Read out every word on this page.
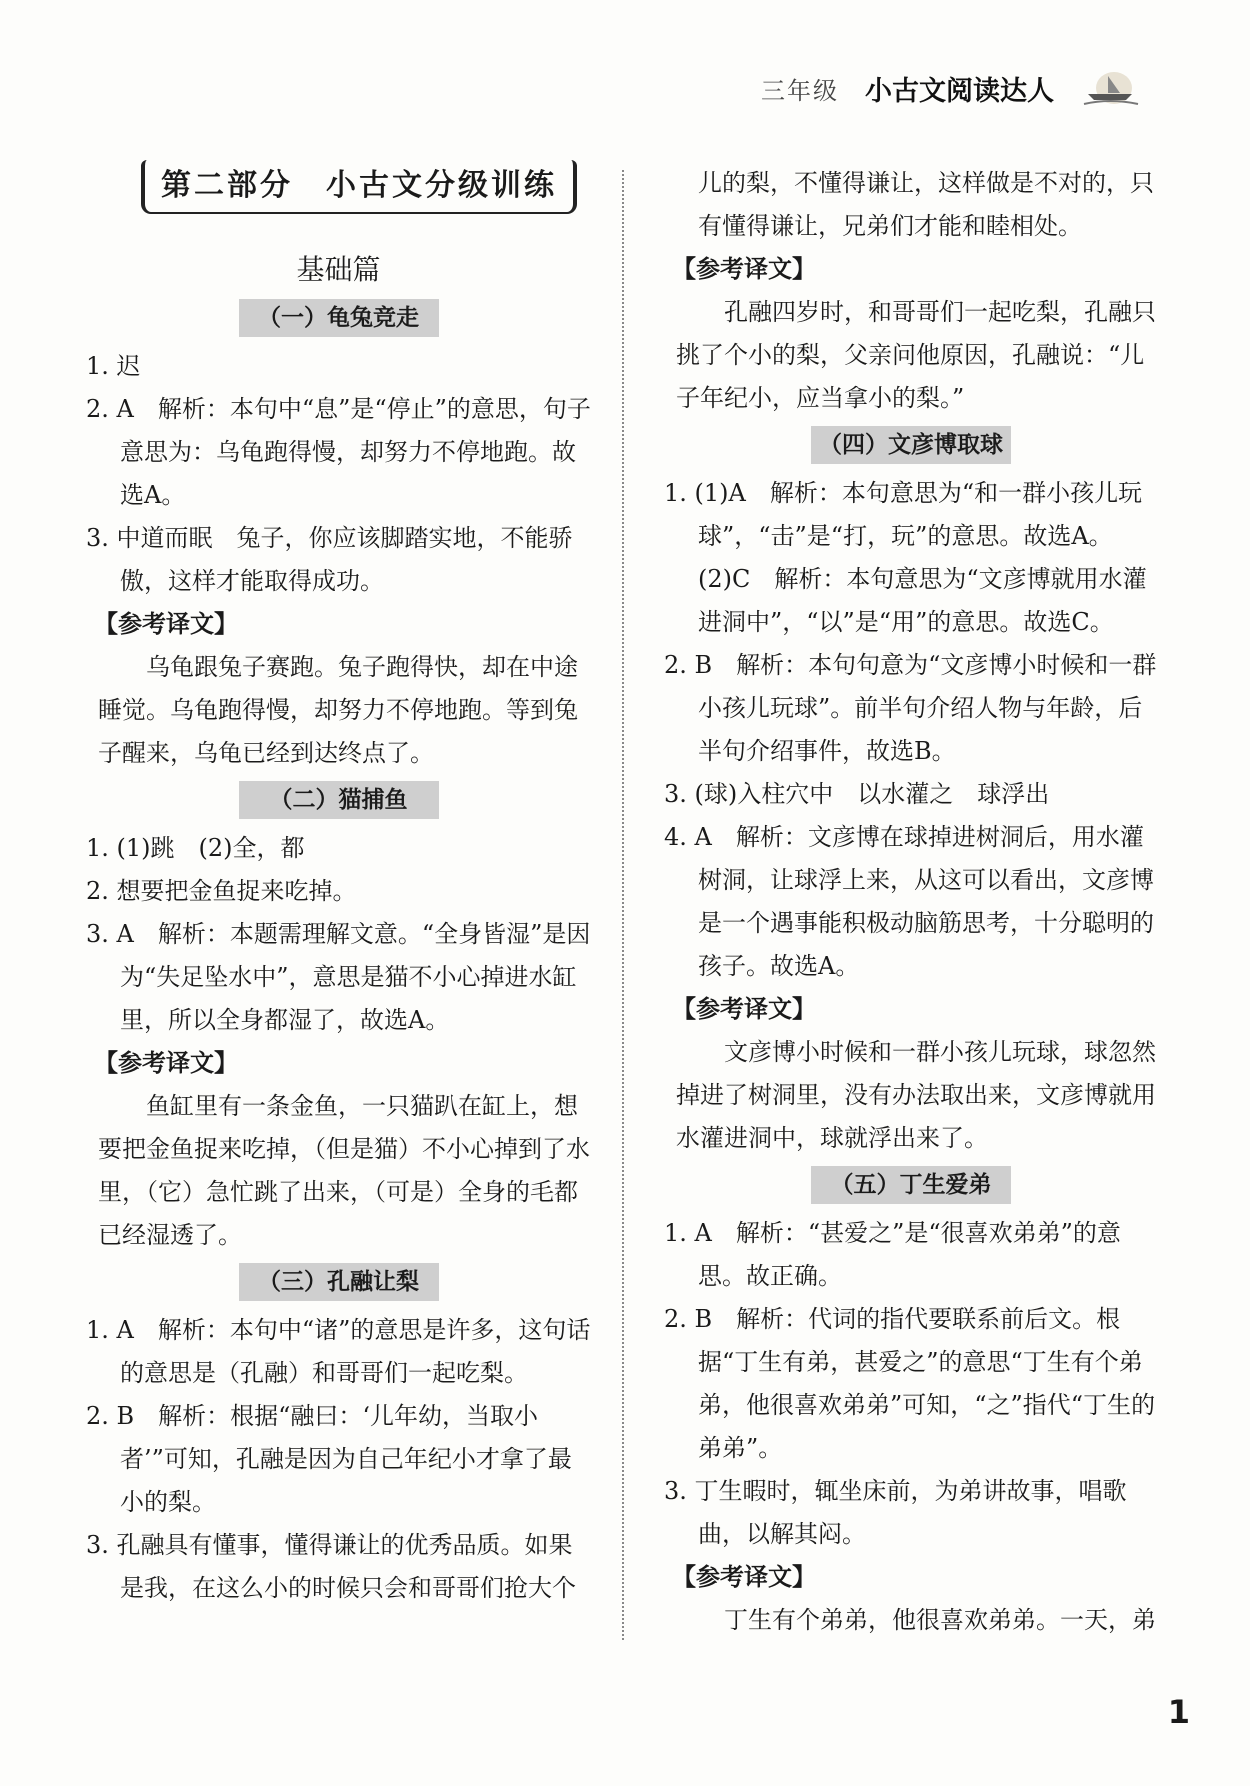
三年级 小古文阅读达人
第二部分　小古文分级训练
基础篇
（一）龟兔竞走

1. 迟

2. A　解析：本句中“息”是“停止”的意思，句子意思为：乌龟跑得慢，却努力不停地跑。故选A。

3. 中道而眠　兔子，你应该脚踏实地，不能骄傲，这样才能取得成功。

【参考译文】

乌龟跟兔子赛跑。兔子跑得快，却在中途睡觉。乌龟跑得慢，却努力不停地跑。等到兔子醒来，乌龟已经到达终点了。

（二）猫捕鱼

1. (1)跳　(2)全，都

2. 想要把金鱼捉来吃掉。

3. A　解析：本题需理解文意。“全身皆湿”是因为“失足坠水中”，意思是猫不小心掉进水缸里，所以全身都湿了，故选A。

【参考译文】

鱼缸里有一条金鱼，一只猫趴在缸上，想要把金鱼捉来吃掉，（但是猫）不小心掉到了水里，（它）急忙跳了出来，（可是）全身的毛都已经湿透了。

（三）孔融让梨

1. A　解析：本句中“诸”的意思是许多，这句话的意思是（孔融）和哥哥们一起吃梨。

2. B　解析：根据“融曰：‘儿年幼，当取小者’”可知，孔融是因为自己年纪小才拿了最小的梨。

3. 孔融具有懂事，懂得谦让的优秀品质。如果是我，在这么小的时候只会和哥哥们抢大个

儿的梨，不懂得谦让，这样做是不对的，只有懂得谦让，兄弟们才能和睦相处。

【参考译文】

孔融四岁时，和哥哥们一起吃梨，孔融只挑了个小的梨，父亲问他原因，孔融说：“儿子年纪小，应当拿小的梨。”

（四）文彦博取球

1. (1)A　解析：本句意思为“和一群小孩儿玩球”，“击”是“打，玩”的意思。故选A。

(2)C　解析：本句意思为“文彦博就用水灌进洞中”，“以”是“用”的意思。故选C。

2. B　解析：本句句意为“文彦博小时候和一群小孩儿玩球”。前半句介绍人物与年龄，后半句介绍事件，故选B。

3. (球)入柱穴中　以水灌之　球浮出

4. A　解析：文彦博在球掉进树洞后，用水灌树洞，让球浮上来，从这可以看出，文彦博是一个遇事能积极动脑筋思考，十分聪明的孩子。故选A。

【参考译文】

文彦博小时候和一群小孩儿玩球，球忽然掉进了树洞里，没有办法取出来，文彦博就用水灌进洞中，球就浮出来了。

（五）丁生爱弟

1. A　解析：“甚爱之”是“很喜欢弟弟”的意思。故正确。

2. B　解析：代词的指代要联系前后文。根据“丁生有弟，甚爱之”的意思“丁生有个弟弟，他很喜欢弟弟”可知，“之”指代“丁生的弟弟”。

3. 丁生暇时，辄坐床前，为弟讲故事，唱歌曲，以解其闷。

【参考译文】

丁生有个弟弟，他很喜欢弟弟。一天，弟

1
